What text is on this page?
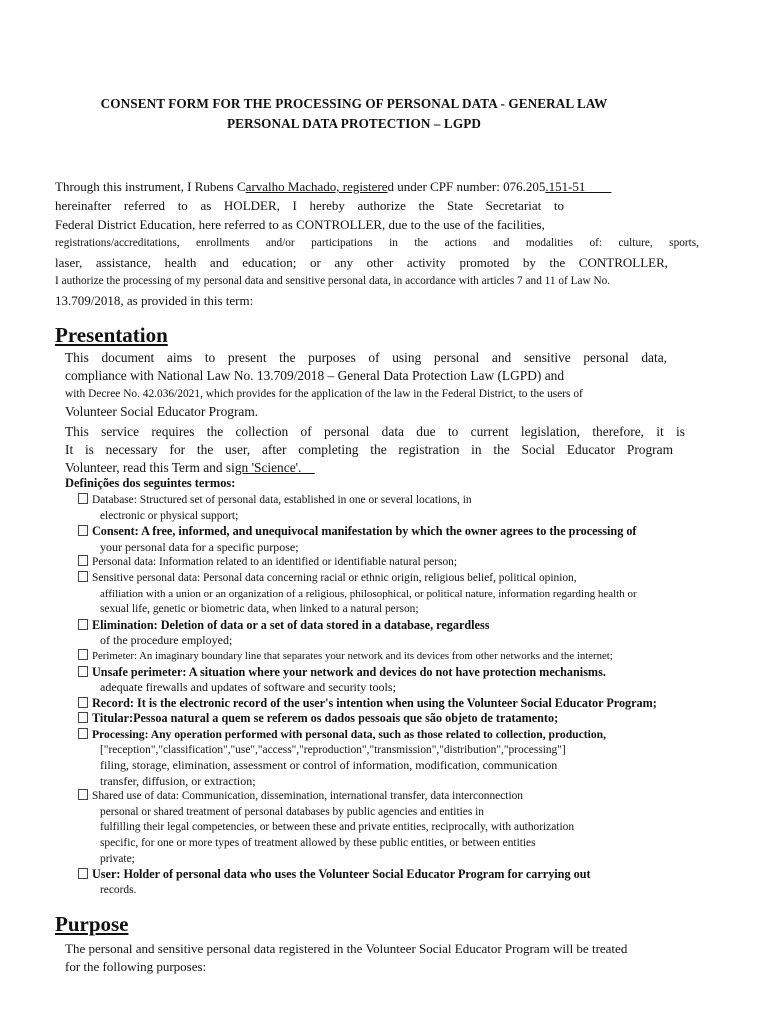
CONSENT FORM FOR THE PROCESSING OF PERSONAL DATA - GENERAL LAW
PERSONAL DATA PROTECTION – LGPD
Through this instrument, I Rubens Carvalho Machado, registered under CPF number: 076.205.151-51
hereinafter referred to as HOLDER, I hereby authorize the State Secretariat to
Federal District Education, here referred to as CONTROLLER, due to the use of the facilities,
registrations/accreditations, enrollments and/or participations in the actions and modalities of: culture, sports,
laser, assistance, health and education; or any other activity promoted by the CONTROLLER,
I authorize the processing of my personal data and sensitive personal data, in accordance with articles 7 and 11 of Law No.
13.709/2018, as provided in this term:
Presentation
This document aims to present the purposes of using personal and sensitive personal data,
compliance with National Law No. 13.709/2018 – General Data Protection Law (LGPD) and
with Decree No. 42.036/2021, which provides for the application of the law in the Federal District, to the users of
Volunteer Social Educator Program.
This service requires the collection of personal data due to current legislation, therefore, it is
It is necessary for the user, after completing the registration in the Social Educator Program
Volunteer, read this Term and sign 'Science'.
Definições dos seguintes termos:
Database: Structured set of personal data, established in one or several locations, in
electronic or physical support;
Consent: A free, informed, and unequivocal manifestation by which the owner agrees to the processing of
your personal data for a specific purpose;
Personal data: Information related to an identified or identifiable natural person;
Sensitive personal data: Personal data concerning racial or ethnic origin, religious belief, political opinion,
affiliation with a union or an organization of a religious, philosophical, or political nature, information regarding health or
sexual life, genetic or biometric data, when linked to a natural person;
Elimination: Deletion of data or a set of data stored in a database, regardless
of the procedure employed;
Perimeter: An imaginary boundary line that separates your network and its devices from other networks and the internet;
Unsafe perimeter: A situation where your network and devices do not have protection mechanisms.
adequate firewalls and updates of software and security tools;
Record: It is the electronic record of the user's intention when using the Volunteer Social Educator Program;
Titular:Pessoa natural a quem se referem os dados pessoais que são objeto de tratamento;
Processing: Any operation performed with personal data, such as those related to collection, production,
["reception","classification","use","access","reproduction","transmission","distribution","processing"]
filing, storage, elimination, assessment or control of information, modification, communication
transfer, diffusion, or extraction;
Shared use of data: Communication, dissemination, international transfer, data interconnection
personal or shared treatment of personal databases by public agencies and entities in
fulfilling their legal competencies, or between these and private entities, reciprocally, with authorization
specific, for one or more types of treatment allowed by these public entities, or between entities
private;
User: Holder of personal data who uses the Volunteer Social Educator Program for carrying out
records.
Purpose
The personal and sensitive personal data registered in the Volunteer Social Educator Program will be treated
for the following purposes:
